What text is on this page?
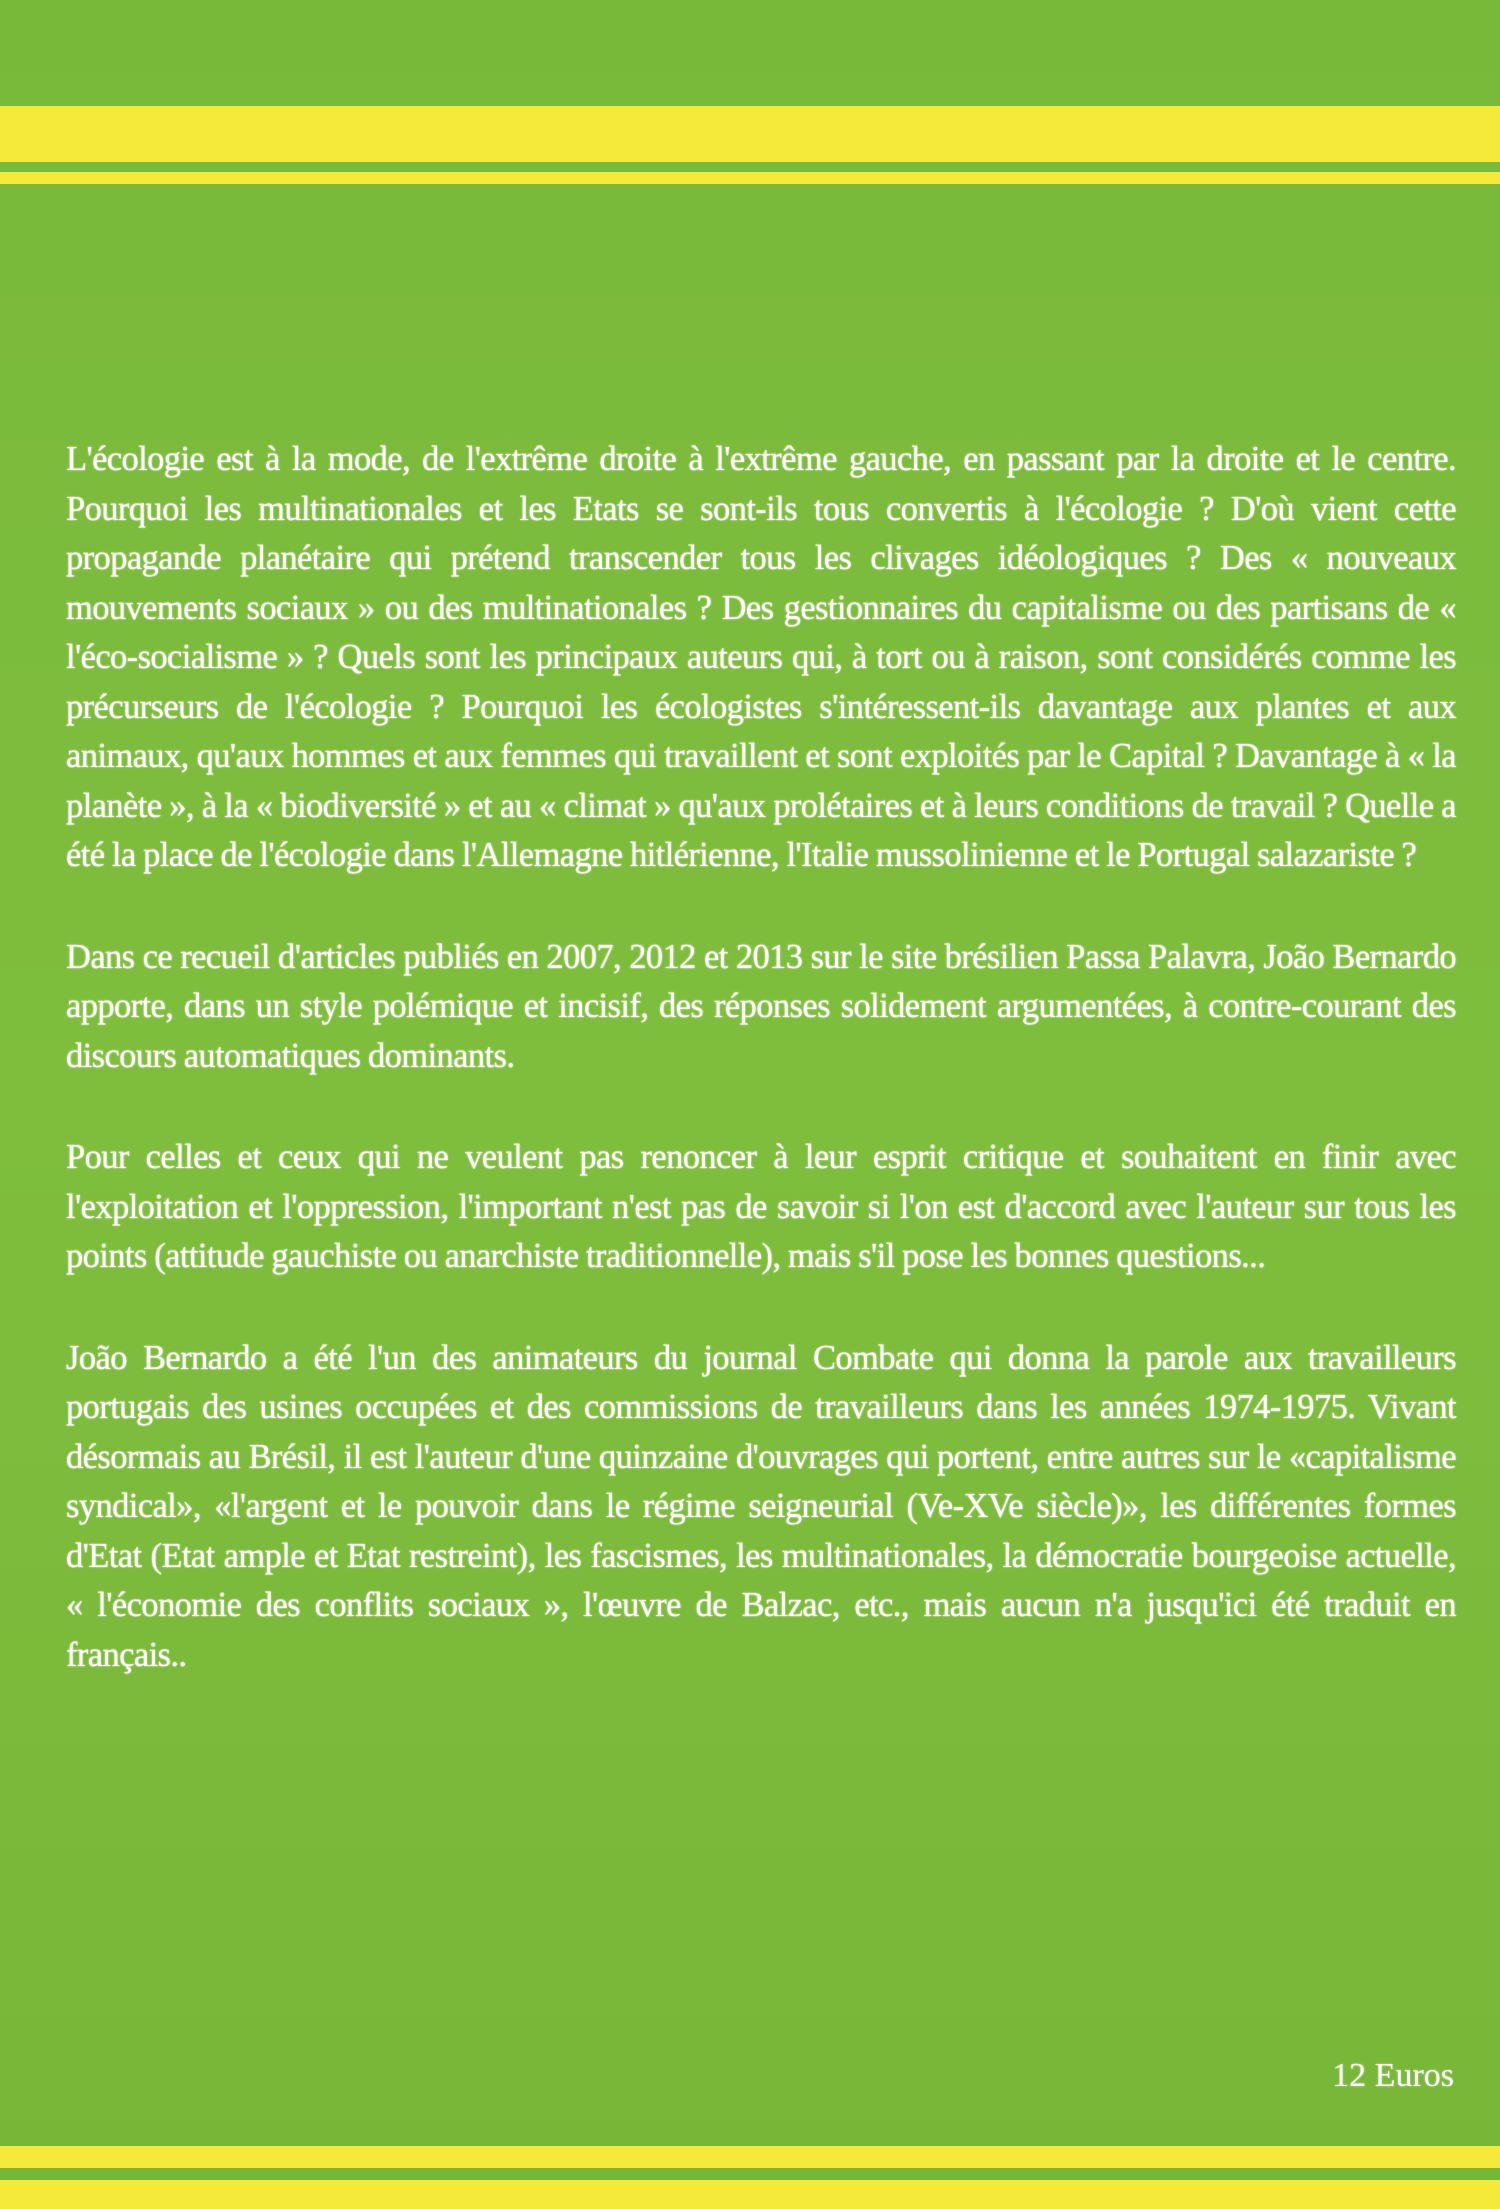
L'écologie est à la mode, de l'extrême droite à l'extrême gauche, en passant par la droite et le centre. Pourquoi les multinationales et les Etats se sont-ils tous convertis à l'écologie ? D'où vient cette propagande planétaire qui prétend transcender tous les clivages idéologiques ? Des « nouveaux mouvements sociaux » ou des multinationales ? Des gestionnaires du capitalisme ou des partisans de « l'éco-socialisme » ? Quels sont les principaux auteurs qui, à tort ou à raison, sont considérés comme les précurseurs de l'écologie ? Pourquoi les écologistes s'intéressent-ils davantage aux plantes et aux animaux, qu'aux hommes et aux femmes qui travaillent et sont exploités par le Capital ? Davantage à « la planète », à la « biodiversité » et au « climat » qu'aux prolétaires et à leurs conditions de travail ? Quelle a été la place de l'écologie dans l'Allemagne hitlérienne, l'Italie mussolinienne et le Portugal salazariste ?

Dans ce recueil d'articles publiés en 2007, 2012 et 2013 sur le site brésilien Passa Palavra, João Bernardo apporte, dans un style polémique et incisif, des réponses solidement argumentées, à contre-courant des discours automatiques dominants.

Pour celles et ceux qui ne veulent pas renoncer à leur esprit critique et souhaitent en finir avec l'exploitation et l'oppression, l'important n'est pas de savoir si l'on est d'accord avec l'auteur sur tous les points (attitude gauchiste ou anarchiste traditionnelle), mais s'il pose les bonnes questions...

João Bernardo a été l'un des animateurs du journal Combate qui donna la parole aux travailleurs portugais des usines occupées et des commissions de travailleurs dans les années 1974-1975. Vivant désormais au Brésil, il est l'auteur d'une quinzaine d'ouvrages qui portent, entre autres sur le «capitalisme syndical», «l'argent et le pouvoir dans le régime seigneurial (Ve-XVe siècle)», les différentes formes d'Etat (Etat ample et Etat restreint), les fascismes, les multinationales, la démocratie bourgeoise actuelle, « l'économie des conflits sociaux », l'œuvre de Balzac, etc., mais aucun n'a jusqu'ici été traduit en français..

12 Euros
